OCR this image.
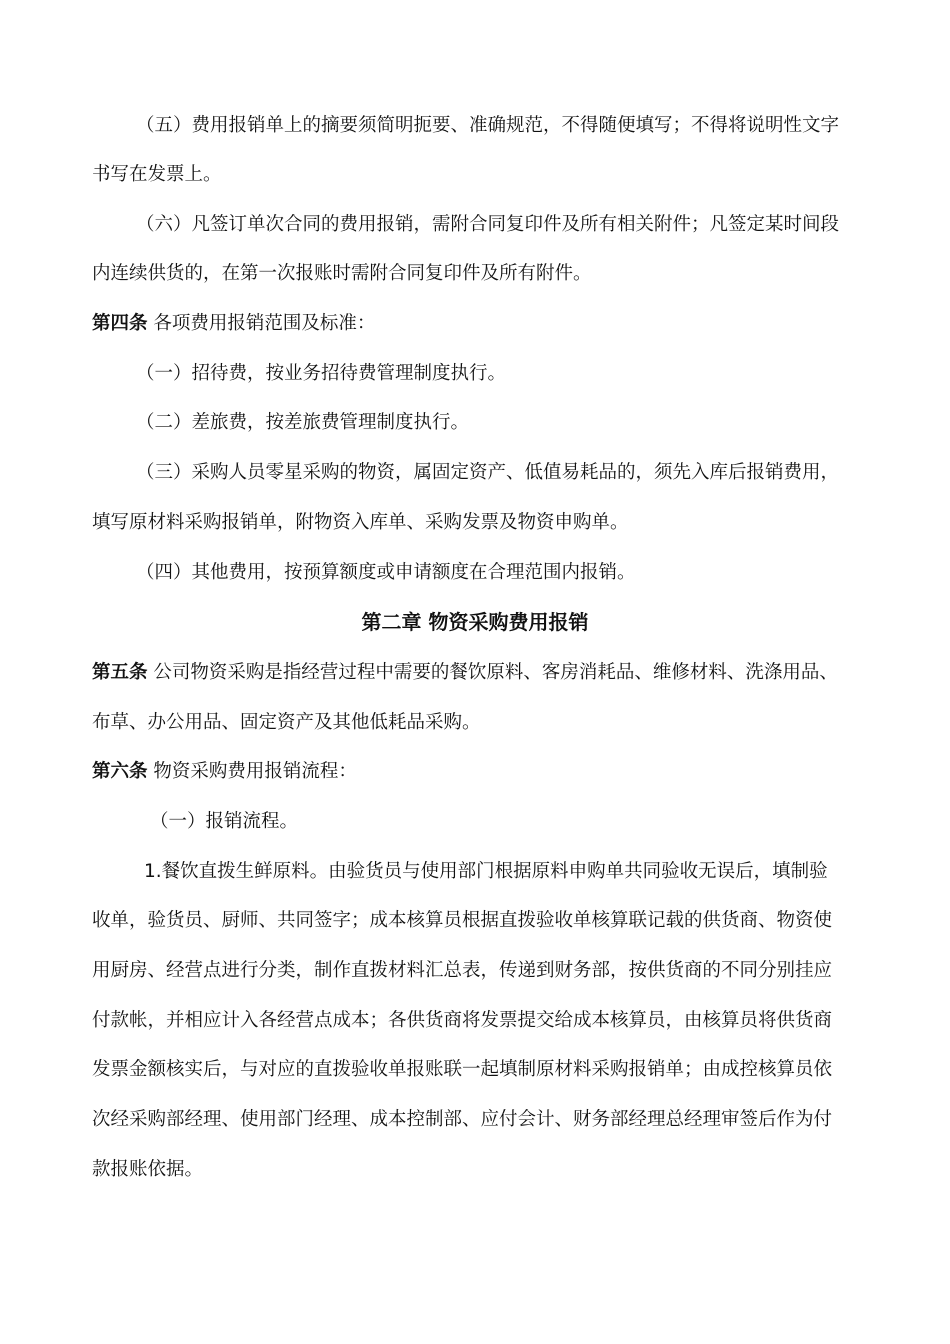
（五）费用报销单上的摘要须简明扼要、准确规范，不得随便填写；不得将说明性文字
书写在发票上。
（六）凡签订单次合同的费用报销，需附合同复印件及所有相关附件；凡签定某时间段
内连续供货的，在第一次报账时需附合同复印件及所有附件。
第四条 各项费用报销范围及标准：
（一）招待费，按业务招待费管理制度执行。
（二）差旅费，按差旅费管理制度执行。
（三）采购人员零星采购的物资，属固定资产、低值易耗品的，须先入库后报销费用，
填写原材料采购报销单，附物资入库单、采购发票及物资申购单。
（四）其他费用，按预算额度或申请额度在合理范围内报销。
第二章 物资采购费用报销
第五条 公司物资采购是指经营过程中需要的餐饮原料、客房消耗品、维修材料、洗涤用品、
布草、办公用品、固定资产及其他低耗品采购。
第六条 物资采购费用报销流程：
（一）报销流程。
1.餐饮直拨生鲜原料。由验货员与使用部门根据原料申购单共同验收无误后，填制验
收单，验货员、厨师、共同签字；成本核算员根据直拨验收单核算联记载的供货商、物资使
用厨房、经营点进行分类，制作直拨材料汇总表，传递到财务部，按供货商的不同分别挂应
付款帐，并相应计入各经营点成本；各供货商将发票提交给成本核算员，由核算员将供货商
发票金额核实后，与对应的直拨验收单报账联一起填制原材料采购报销单；由成控核算员依
次经采购部经理、使用部门经理、成本控制部、应付会计、财务部经理总经理审签后作为付
款报账依据。
